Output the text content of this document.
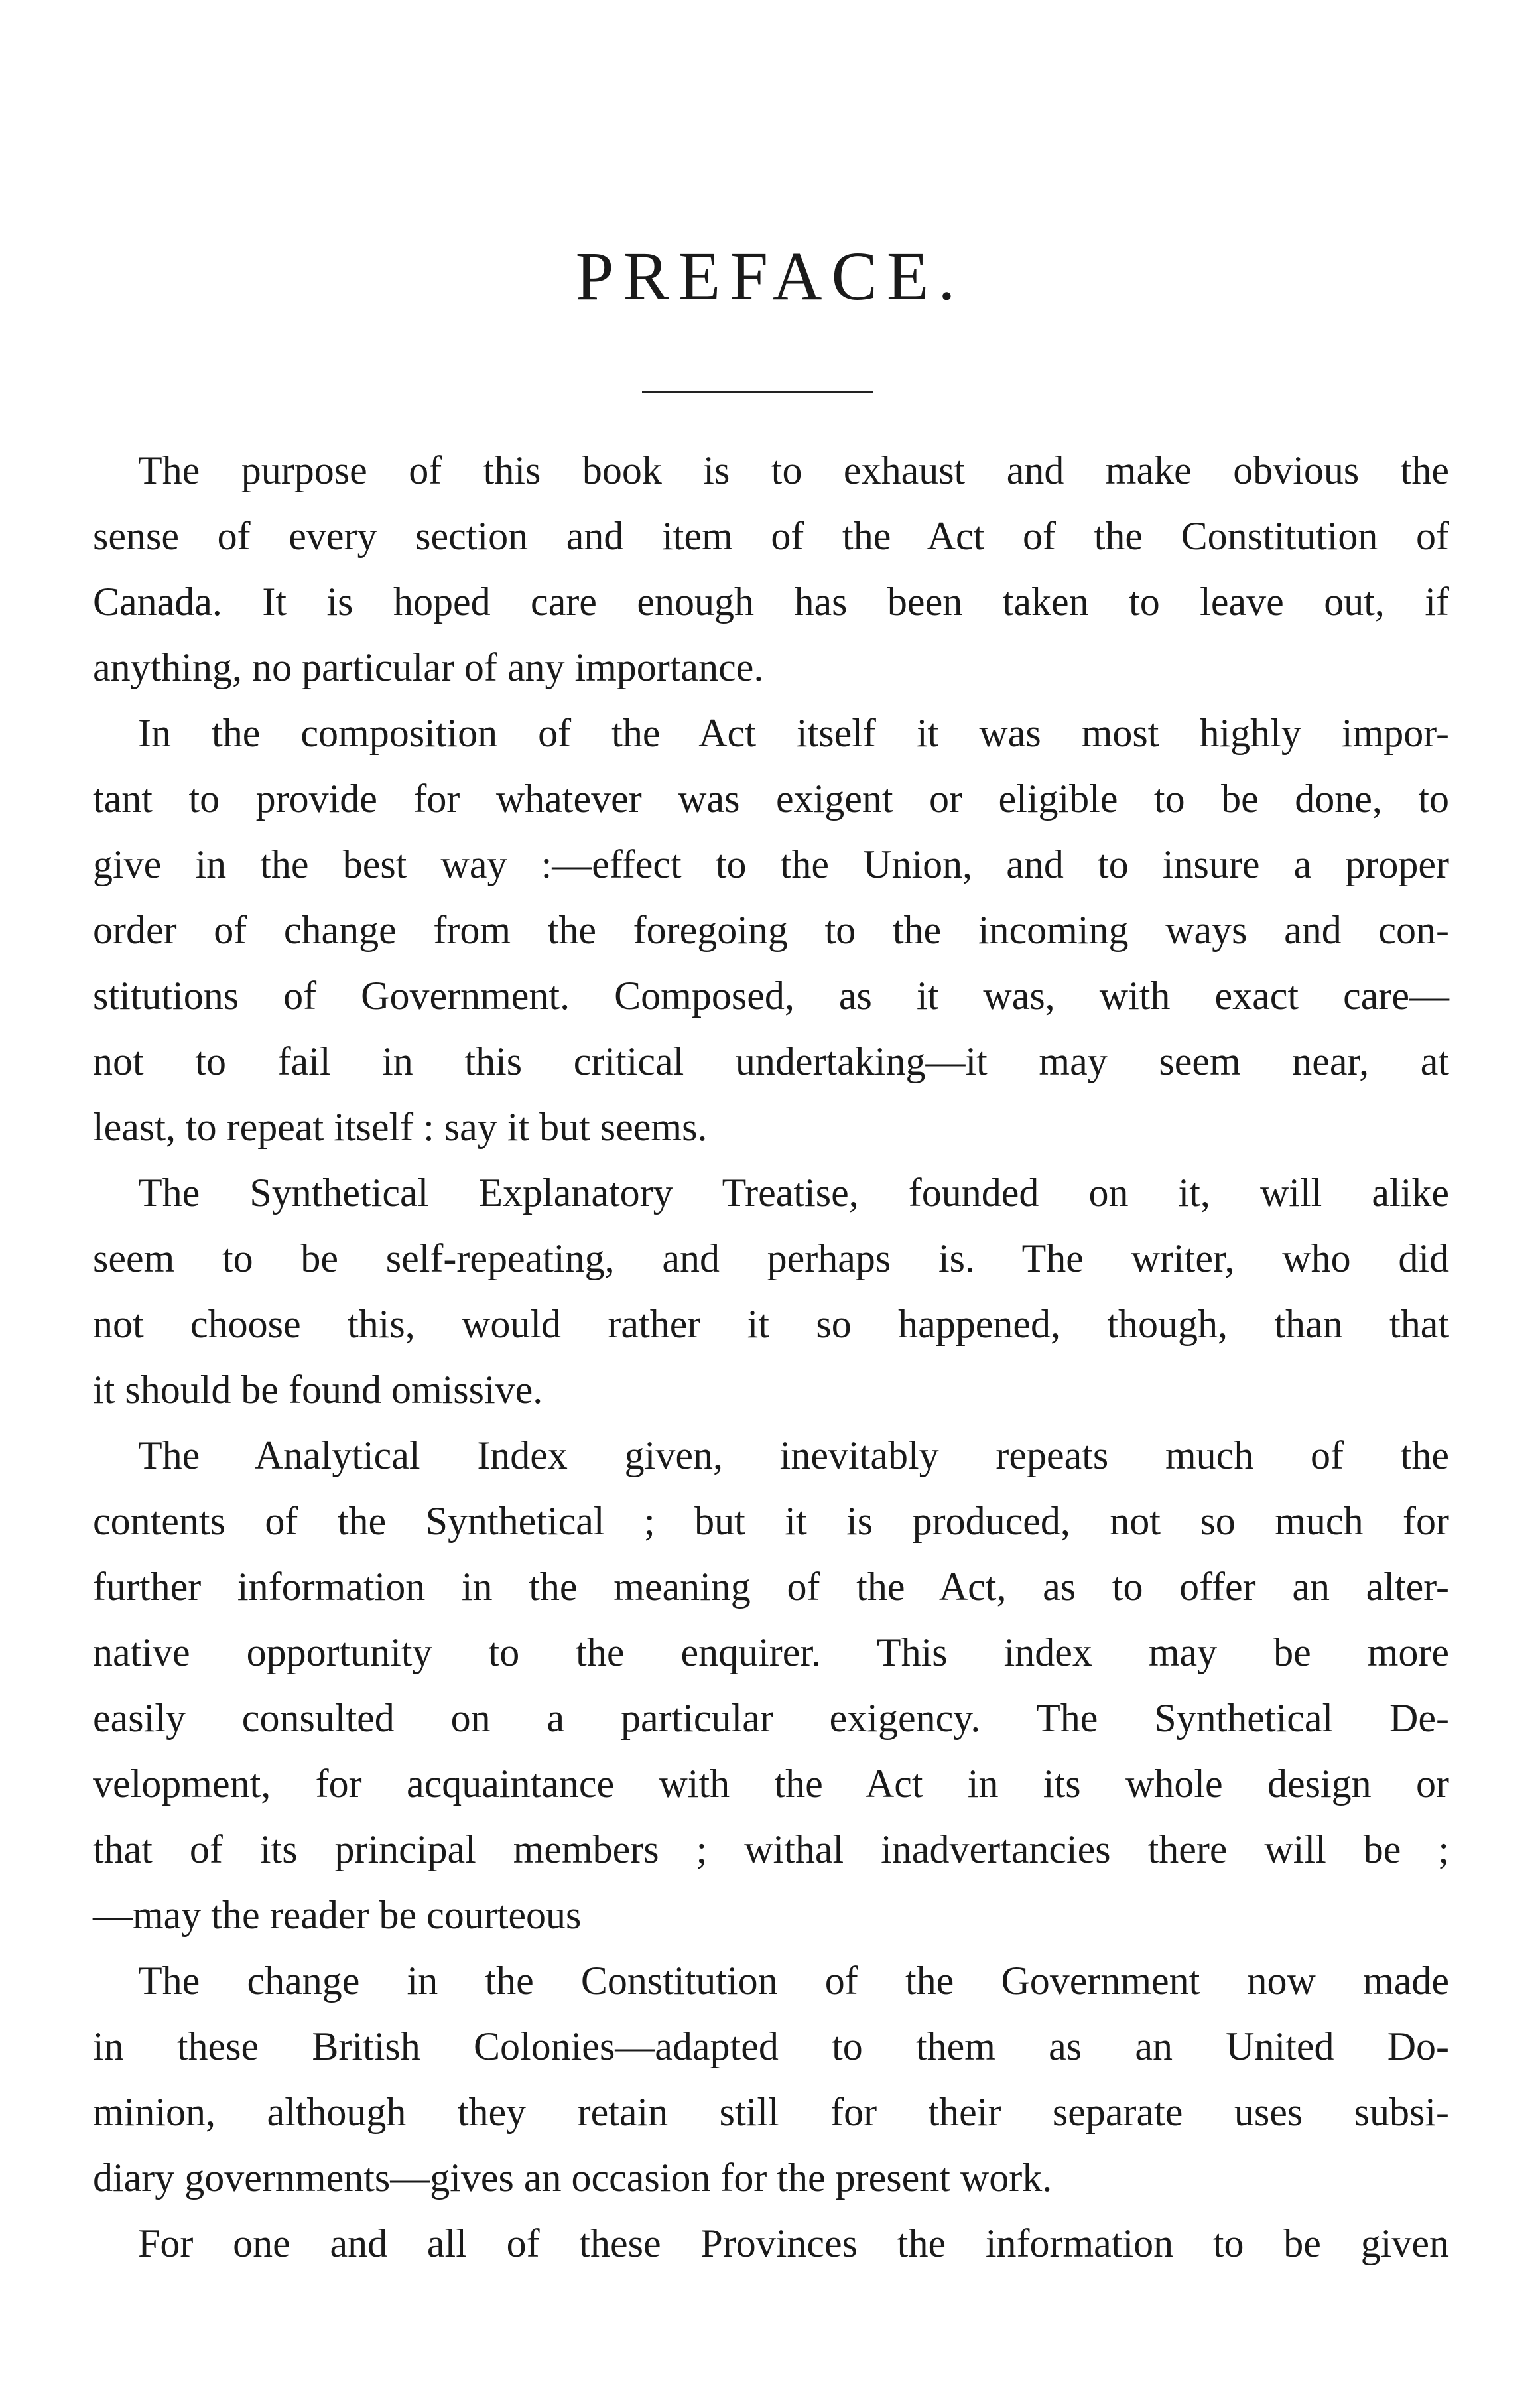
PREFACE.
The purpose of this book is to exhaust and make obvious the
sense of every section and item of the Act of the Constitution of
Canada. It is hoped care enough has been taken to leave out, if
anything, no particular of any importance.
In the composition of the Act itself it was most highly impor-
tant to provide for whatever was exigent or eligible to be done, to
give in the best way :—effect to the Union, and to insure a proper
order of change from the foregoing to the incoming ways and con-
stitutions of Government. Composed, as it was, with exact care—
not to fail in this critical undertaking—it may seem near, at
least, to repeat itself : say it but seems.
The Synthetical Explanatory Treatise, founded on it, will alike
seem to be self-repeating, and perhaps is. The writer, who did
not choose this, would rather it so happened, though, than that
it should be found omissive.
The Analytical Index given, inevitably repeats much of the
contents of the Synthetical ; but it is produced, not so much for
further information in the meaning of the Act, as to offer an alter-
native opportunity to the enquirer. This index may be more
easily consulted on a particular exigency. The Synthetical De-
velopment, for acquaintance with the Act in its whole design or
that of its principal members ; withal inadvertancies there will be ;
—may the reader be courteous
The change in the Constitution of the Government now made
in these British Colonies—adapted to them as an United Do-
minion, although they retain still for their separate uses subsi-
diary governments—gives an occasion for the present work.
For one and all of these Provinces the information to be given
